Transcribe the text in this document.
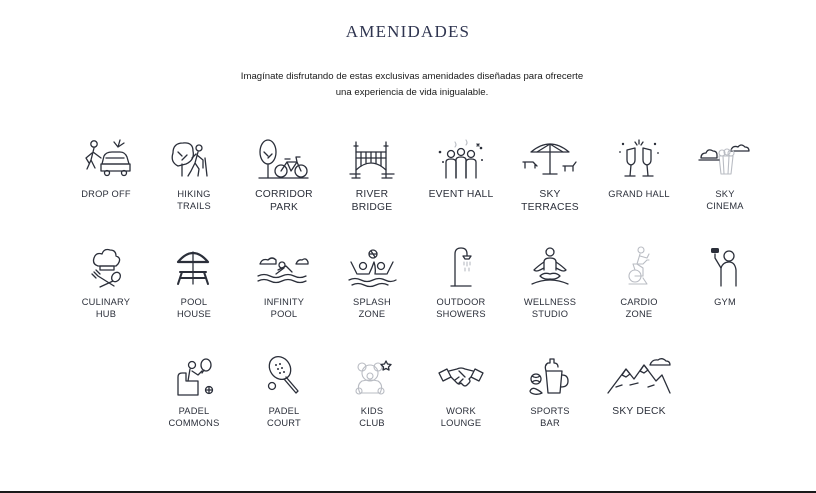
AMENIDADES
Imagínate disfrutando de estas exclusivas amenidades diseñadas para ofrecerte
una experiencia de vida inigualable.
DROP OFF	HIKING
TRAILS
CORRIDOR
PARK
RIVER
BRIDGE
EVENT HALL	SKY
TERRACES
GRAND HALL	SKY
CINEMA
CULINARY
HUB
POOL
HOUSE
INFINITY
POOL
SPLASH
ZONE
OUTDOOR
SHOWERS
WELLNESS
STUDIO
CARDIO
ZONE
GYM
PADEL
COMMONS
PADEL
COURT
KIDS
CLUB
WORK
LOUNGE
SPORTS
BAR
SKY DECK
